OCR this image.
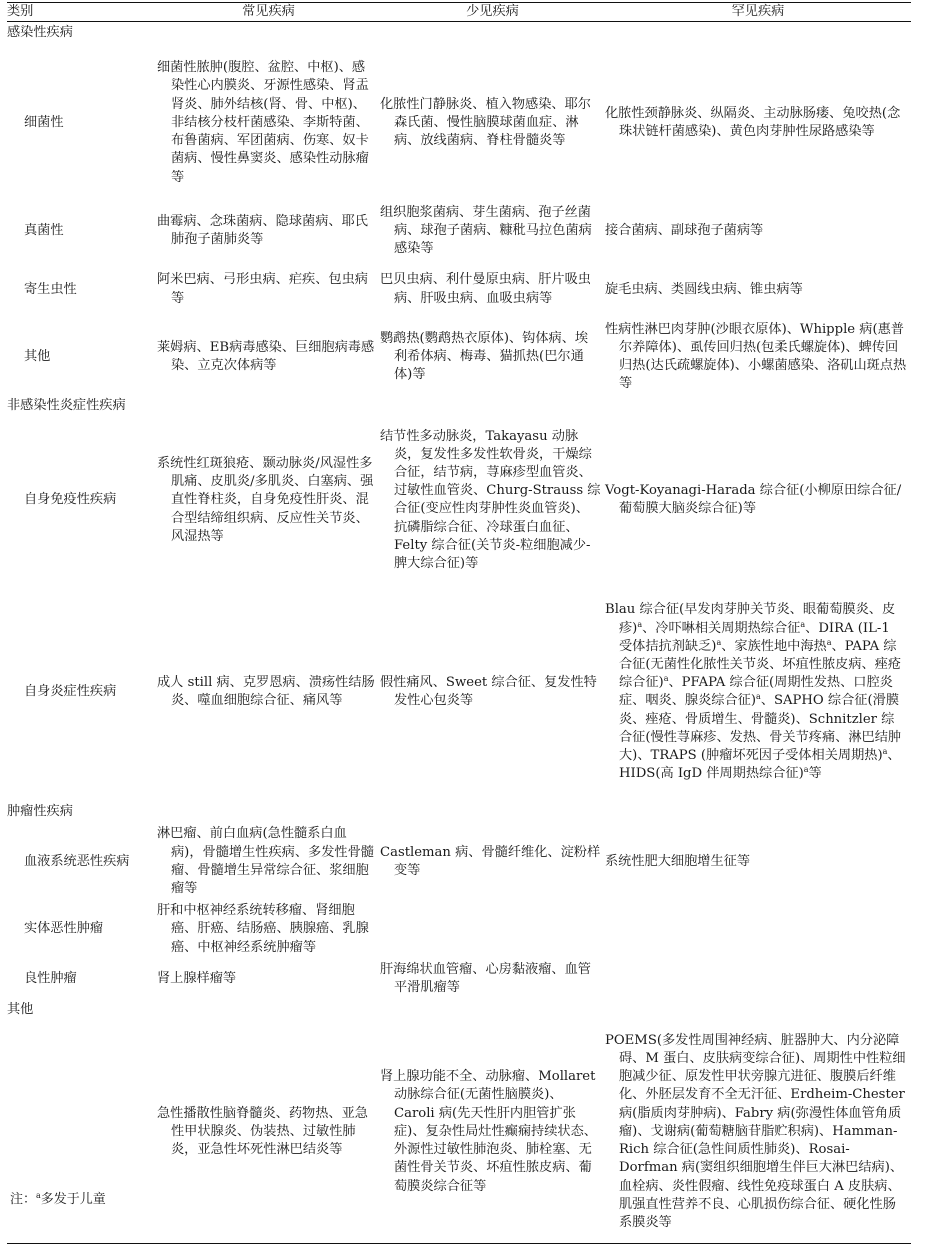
类别	常见疾病	少见疾病	罕见疾病
感染性疾病			
细菌性	细菌性脓肿(腹腔、盆腔、中枢)、感染性心内膜炎、牙源性感染、肾盂肾炎、肺外结核(肾、骨、中枢)、非结核分枝杆菌感染、李斯特菌、布鲁菌病、军团菌病、伤寒、奴卡菌病、慢性鼻窦炎、感染性动脉瘤等	化脓性门静脉炎、植入物感染、耶尔森氏菌、慢性脑膜球菌血症、淋病、放线菌病、脊柱骨髓炎等	化脓性颈静脉炎、纵隔炎、主动脉肠瘘、兔咬热(念珠状链杆菌感染)、黄色肉芽肿性尿路感染等
真菌性	曲霉病、念珠菌病、隐球菌病、耶氏肺孢子菌肺炎等	组织胞浆菌病、芽生菌病、孢子丝菌病、球孢子菌病、糠秕马拉色菌病感染等	接合菌病、副球孢子菌病等
寄生虫性	阿米巴病、弓形虫病、疟疾、包虫病等	巴贝虫病、利什曼原虫病、肝片吸虫病、肝吸虫病、血吸虫病等	旋毛虫病、类圆线虫病、锥虫病等
其他	莱姆病、EB病毒感染、巨细胞病毒感染、立克次体病等	鹦鹉热(鹦鹉热衣原体)、钩体病、埃利希体病、梅毒、猫抓热(巴尔通体)等	性病性淋巴肉芽肿(沙眼衣原体)、Whipple 病(惠普尔养障体)、虱传回归热(包柔氏螺旋体)、蜱传回归热(达氏疏螺旋体)、小螺菌感染、洛矶山斑点热等
非感染性炎症性疾病			
自身免疫性疾病	系统性红斑狼疮、颞动脉炎/风湿性多肌痛、皮肌炎/多肌炎、白塞病、强直性脊柱炎，自身免疫性肝炎、混合型结缔组织病、反应性关节炎、风湿热等	结节性多动脉炎，Takayasu 动脉炎，复发性多发性软骨炎，干燥综合征，结节病，荨麻疹型血管炎、过敏性血管炎、Churg-Strauss 综合征(变应性肉芽肿性炎血管炎)、抗磷脂综合征、冷球蛋白血征、Felty 综合征(关节炎-粒细胞减少-脾大综合征)等	Vogt-Koyanagi-Harada 综合征(小柳原田综合征/葡萄膜大脑炎综合征)等
自身炎症性疾病	成人 still 病、克罗恩病、溃疡性结肠炎、噬血细胞综合征、痛风等	假性痛风、Sweet 综合征、复发性特发性心包炎等	Blau 综合征(早发肉芽肿关节炎、眼葡萄膜炎、皮疹)$^a$、冷吓啉相关周期热综合征$^a$、DIRA (IL-1 受体拮抗剂缺乏)$^a$、家族性地中海热$^a$、PAPA 综合征(无菌性化脓性关节炎、坏疽性脓皮病、痤疮综合征)$^a$、PFAPA 综合征(周期性发热、口腔炎症、咽炎、腺炎综合征)$^a$、SAPHO 综合征(滑膜炎、痤疮、骨质增生、骨髓炎)、Schnitzler 综合征(慢性荨麻疹、发热、骨关节疼痛、淋巴结肿大)、TRAPS (肿瘤坏死因子受体相关周期热)$^a$、HIDS(高 IgD 伴周期热综合征)$^a$等
肿瘤性疾病			
血液系统恶性疾病	淋巴瘤、前白血病(急性髓系白血病)，骨髓增生性疾病、多发性骨髓瘤、骨髓增生异常综合征、浆细胞瘤等	Castleman 病、骨髓纤维化、淀粉样变等	系统性肥大细胞增生征等
实体恶性肿瘤	肝和中枢神经系统转移瘤、肾细胞癌、肝癌、结肠癌、胰腺癌、乳腺癌、中枢神经系统肿瘤等		
良性肿瘤	肾上腺样瘤等	肝海绵状血管瘤、心房黏液瘤、血管平滑肌瘤等	
其他			
	急性播散性脑脊髓炎、药物热、亚急性甲状腺炎、伪装热、过敏性肺炎，亚急性坏死性淋巴结炎等	肾上腺功能不全、动脉瘤、Mollaret动脉综合征(无菌性脑膜炎)、Caroli 病(先天性肝内胆管扩张症)、复杂性局灶性癫痫持续状态、外源性过敏性肺泡炎、肺栓塞、无菌性骨关节炎、坏疽性脓皮病、葡萄膜炎综合征等	POEMS(多发性周围神经病、脏器肿大、内分泌障碍、M 蛋白、皮肤病变综合征)、周期性中性粒细胞减少征、原发性甲状旁腺亢进征、腹膜后纤维化、外胚层发育不全无汗征、Erdheim-Chester 病(脂质肉芽肿病)、Fabry 病(弥漫性体血管角质瘤)、戈谢病(葡萄糖脑苷脂贮积病)、Hamman-Rich 综合征(急性间质性肺炎)、Rosai-Dorfman 病(窦组织细胞增生伴巨大淋巴结病)、血栓病、炎性假瘤、线性免疫球蛋白 A 皮肤病、肌强直性营养不良、心肌损伤综合征、硬化性肠系膜炎等
注：$^a$多发于儿童
